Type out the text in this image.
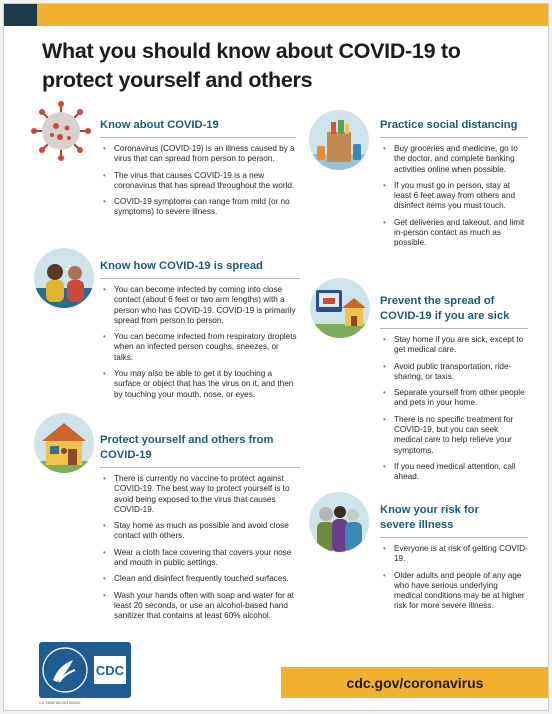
What you should know about COVID-19 to protect yourself and others
Know about COVID-19
• Coronavirus (COVID-19) is an illness caused by a virus that can spread from person to person.
• The virus that causes COVID-19 is a new coronavirus that has spread throughout the world.
• COVID-19 symptoms can range from mild (or no symptoms) to severe illness.
Know how COVID-19 is spread
• You can become infected by coming into close contact (about 6 feet or two arm lengths) with a person who has COVID-19. COVID-19 is primarily spread from person to person.
• You can become infected from respiratory droplets when an infected person coughs, sneezes, or talks.
• You may also be able to get it by touching a surface or object that has the virus on it, and then by touching your mouth, nose, or eyes.
Protect yourself and others from COVID-19
• There is currently no vaccine to protect against COVID-19. The best way to protect yourself is to avoid being exposed to the virus that causes COVID-19.
• Stay home as much as possible and avoid close contact with others.
• Wear a cloth face covering that covers your nose and mouth in public settings.
• Clean and disinfect frequently touched surfaces.
• Wash your hands often with soap and water for at least 20 seconds, or use an alcohol-based hand sanitizer that contains at least 60% alcohol.
Practice social distancing
• Buy groceries and medicine, go to the doctor, and complete banking activities online when possible.
• If you must go in person, stay at least 6 feet away from others and disinfect items you must touch.
• Get deliveries and takeout, and limit in-person contact as much as possible.
Prevent the spread of
COVID-19 if you are sick
• Stay home if you are sick, except to get medical care.
• Avoid public transportation, ride-sharing, or taxis.
• Separate yourself from other people and pets in your home.
• There is no specific treatment for COVID-19, but you can seek medical care to help relieve your symptoms.
• If you need medical attention, call ahead.
Know your risk for
severe illness
• Everyone is at risk of getting COVID-19.
• Older adults and people of any age who have serious underlying medical conditions may be at higher risk for more severe illness.
CDC
cdc.gov/coronavirus
CS 316878A 04/15/2020
